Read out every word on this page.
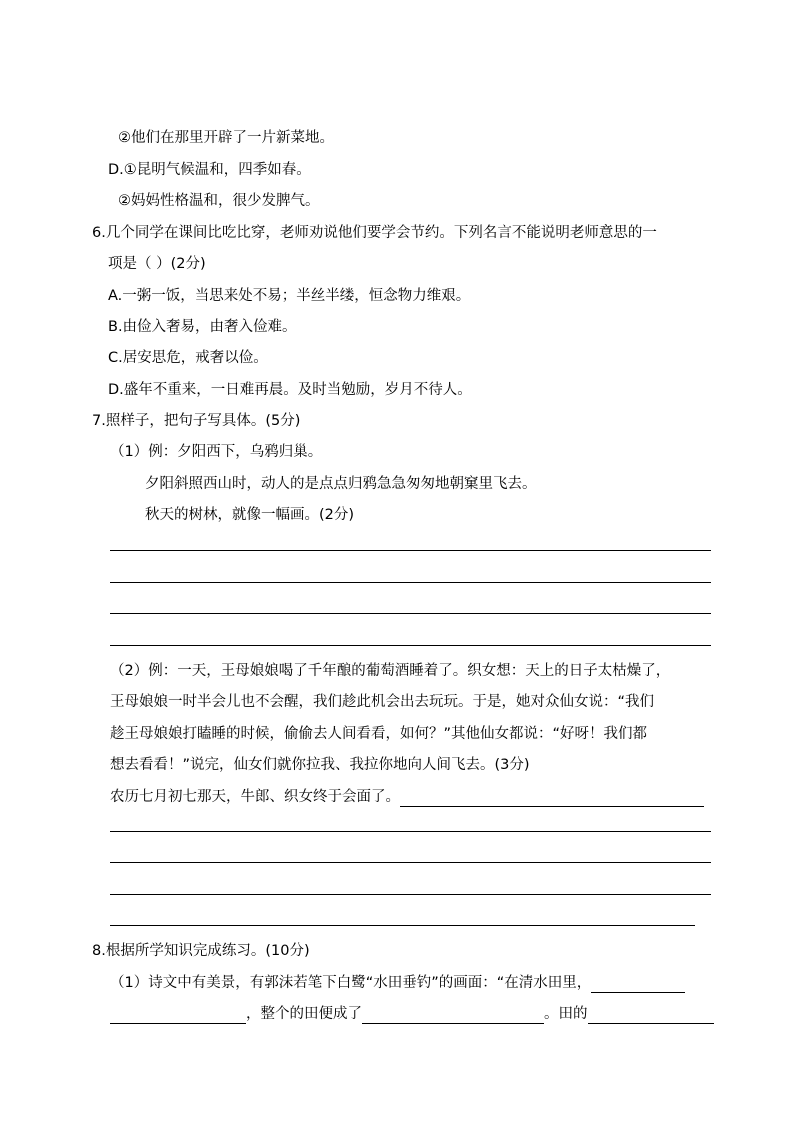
②他们在那里开辟了一片新菜地。
D.①昆明气候温和，四季如春。
②妈妈性格温和，很少发脾气。
6.几个同学在课间比吃比穿，老师劝说他们要学会节约。下列名言不能说明老师意思的一
项是（ ）(2分)
A.一粥一饭，当思来处不易；半丝半缕，恒念物力维艰。
B.由俭入奢易，由奢入俭难。
C.居安思危，戒奢以俭。
D.盛年不重来，一日难再晨。及时当勉励，岁月不待人。
7.照样子，把句子写具体。(5分)
（1）例：夕阳西下，乌鸦归巢。
夕阳斜照西山时，动人的是点点归鸦急急匆匆地朝窠里飞去。
秋天的树林，就像一幅画。(2分)
（2）例：一天，王母娘娘喝了千年酿的葡萄酒睡着了。织女想：天上的日子太枯燥了，
王母娘娘一时半会儿也不会醒，我们趁此机会出去玩玩。于是，她对众仙女说：“我们
趁王母娘娘打瞌睡的时候，偷偷去人间看看，如何？”其他仙女都说：“好呀！我们都
想去看看！”说完，仙女们就你拉我、我拉你地向人间飞去。(3分)
农历七月初七那天，牛郎、织女终于会面了。
8.根据所学知识完成练习。(10分)
（1）诗文中有美景，有郭沫若笔下白鹭“水田垂钓”的画面：“在清水田里，
，整个的田便成了	。田的
